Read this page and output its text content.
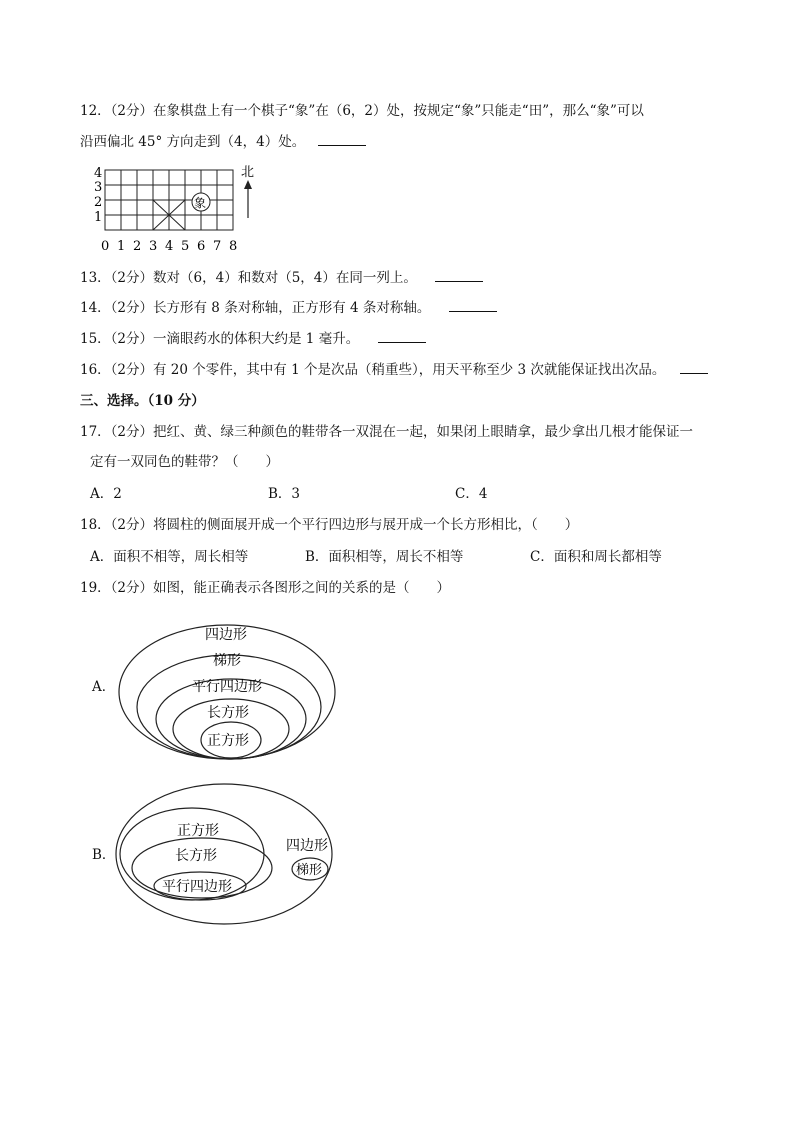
12．（2分）在象棋盘上有一个棋子“象”在（6，2）处，按规定“象”只能走“田”，那么“象”可以
沿西偏北 45° 方向走到（4，4）处。
4
3
2
1
象
0 1 2 3 4 5 6 7 8
北
13．（2分）数对（6，4）和数对（5，4）在同一列上。
14．（2分）长方形有 8 条对称轴，正方形有 4 条对称轴。
15．（2分）一滴眼药水的体积大约是 1 毫升。
16．（2分）有 20 个零件，其中有 1 个是次品（稍重些），用天平称至少 3 次就能保证找出次品。
三、选择。（10 分）
17．（2分）把红、黄、绿三种颜色的鞋带各一双混在一起，如果闭上眼睛拿，最少拿出几根才能保证一
定有一双同色的鞋带？（　　）
A．2	B．3	C．4
18．（2分）将圆柱的侧面展开成一个平行四边形与展开成一个长方形相比，（　　）
A．面积不相等，周长相等	B．面积相等，周长不相等	C．面积和周长都相等
19．（2分）如图，能正确表示各图形之间的关系的是（　　）
A．
四边形
梯形
平行四边形
长方形
正方形
B．
正方形
长方形
平行四边形
四边形
梯形
